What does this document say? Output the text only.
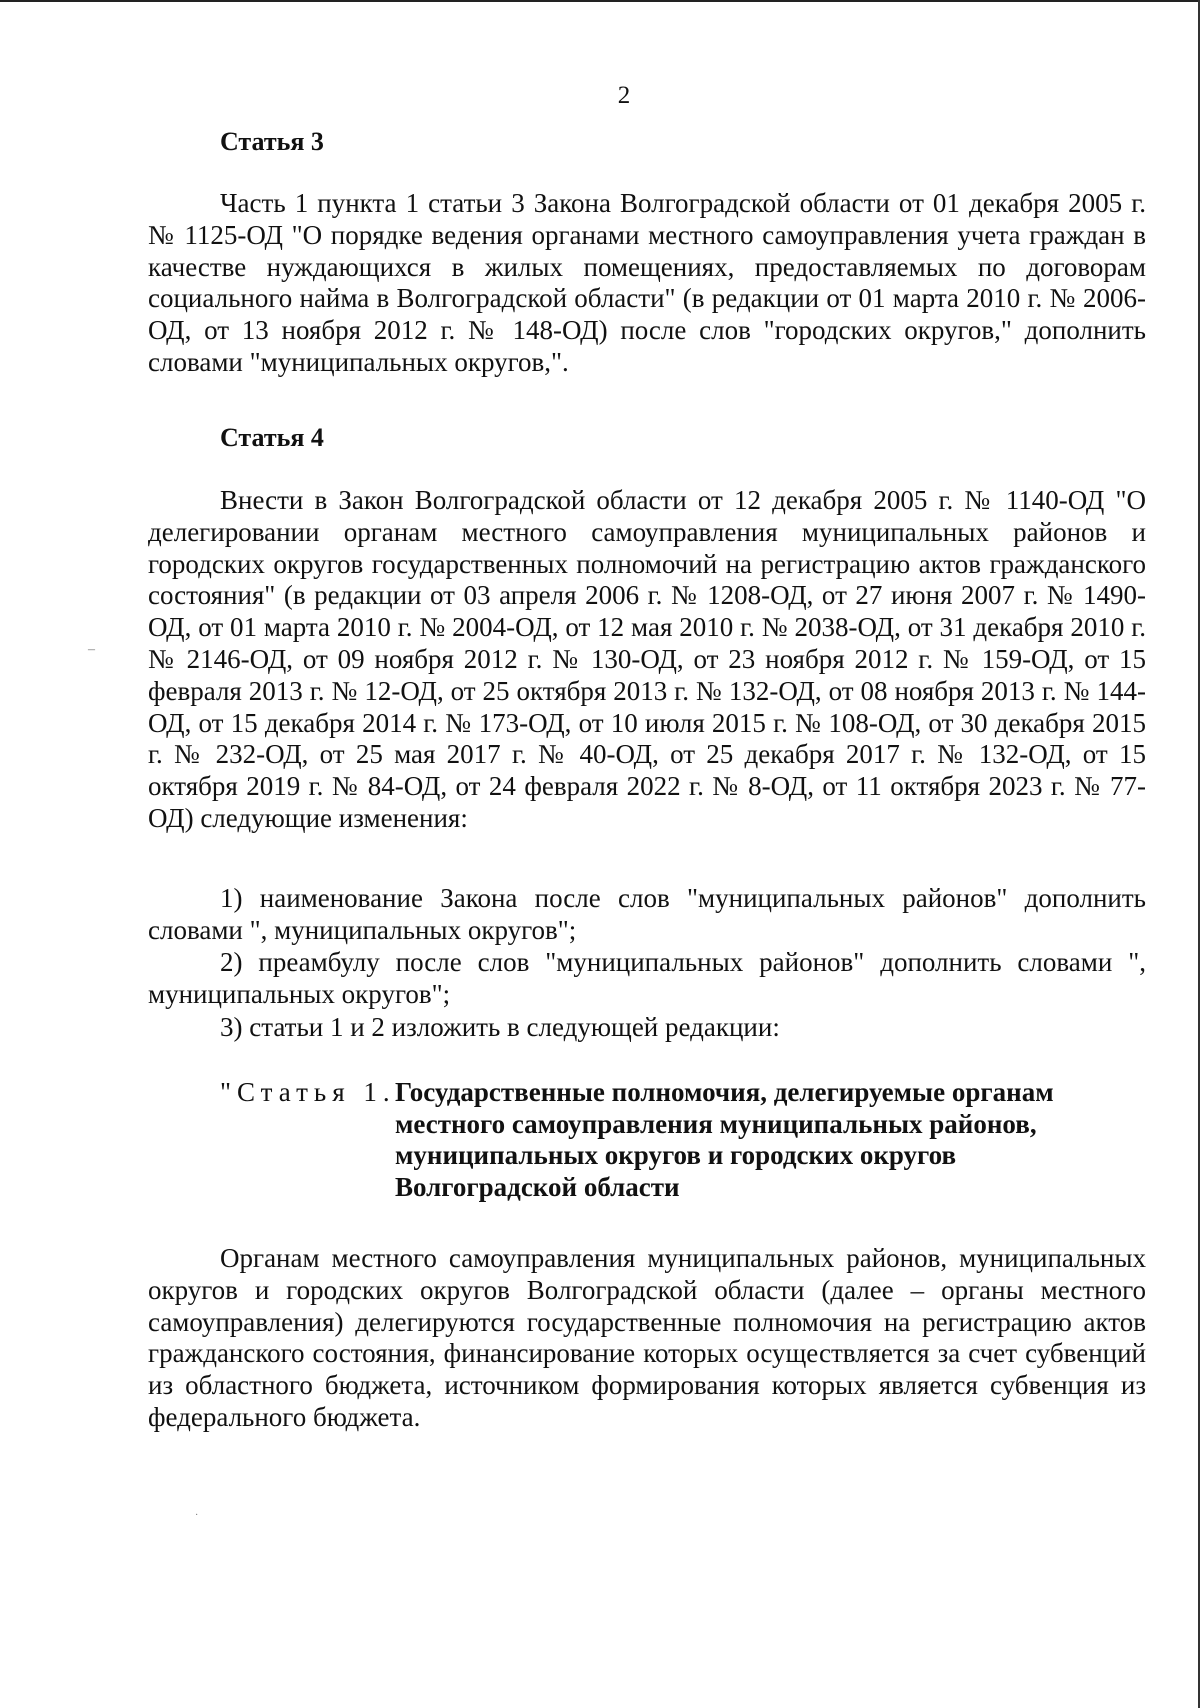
2
Статья 3

Часть 1 пункта 1 статьи 3 Закона Волгоградской области от 01 декабря 2005 г. № 1125-ОД "О порядке ведения органами местного самоуправления учета граждан в качестве нуждающихся в жилых помещениях, предоставляемых по договорам социального найма в Волгоградской области" (в редакции от 01 марта 2010 г. № 2006-ОД, от 13 ноября 2012 г. № 148-ОД) после слов "городских округов," дополнить словами "муниципальных округов,".

Статья 4

Внести в Закон Волгоградской области от 12 декабря 2005 г. № 1140-ОД "О делегировании органам местного самоуправления муниципальных районов и городских округов государственных полномочий на регистрацию актов гражданского состояния" (в редакции от 03 апреля 2006 г. № 1208-ОД, от 27 июня 2007 г. № 1490-ОД, от 01 марта 2010 г. № 2004-ОД, от 12 мая 2010 г. № 2038-ОД, от 31 декабря 2010 г. № 2146-ОД, от 09 ноября 2012 г. № 130-ОД, от 23 ноября 2012 г. № 159-ОД, от 15 февраля 2013 г. № 12-ОД, от 25 октября 2013 г. № 132-ОД, от 08 ноября 2013 г. № 144-ОД, от 15 декабря 2014 г. № 173-ОД, от 10 июля 2015 г. № 108-ОД, от 30 декабря 2015 г. № 232-ОД, от 25 мая 2017 г. № 40-ОД, от 25 декабря 2017 г. № 132-ОД, от 15 октября 2019 г. № 84-ОД, от 24 февраля 2022 г. № 8-ОД, от 11 октября 2023 г. № 77-ОД) следующие изменения:

1) наименование Закона после слов "муниципальных районов" дополнить словами ", муниципальных округов";

2) преамбулу после слов "муниципальных районов" дополнить словами ", муниципальных округов";

3) статьи 1 и 2 изложить в следующей редакции:

"Статья 1. Государственные полномочия, делегируемые органам местного самоуправления муниципальных районов, муниципальных округов и городских округов Волгоградской области

Органам местного самоуправления муниципальных районов, муниципальных округов и городских округов Волгоградской области (далее – органы местного самоуправления) делегируются государственные полномочия на регистрацию актов гражданского состояния, финансирование которых осуществляется за счет субвенций из областного бюджета, источником формирования которых является субвенция из федерального бюджета.

–
·
